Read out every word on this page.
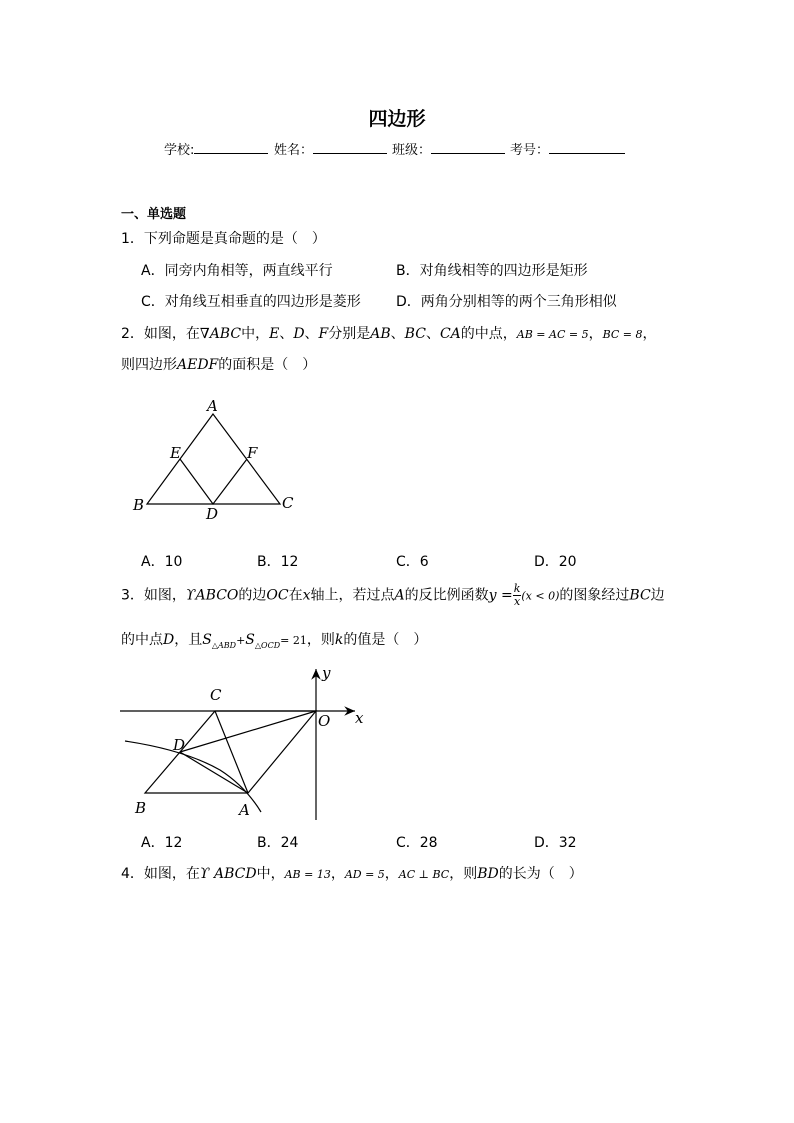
四边形
学校:	姓名：	班级：	考号：
一、单选题
1．下列命题是真命题的是（　）
A．同旁内角相等，两直线平行	B．对角线相等的四边形是矩形
C．对角线互相垂直的四边形是菱形	D．两角分别相等的两个三角形相似
2．如图，在∇ABC中，E、D、F分别是AB、BC、CA的中点，AB = AC = 5，BC = 8，
则四边形AEDF的面积是（　）
A
B	C
D
E	F
A．10	B．12	C．6	D．20
3．如图，ϒABCO的边OC在x轴上，若过点A的反比例函数$y = \frac{k}{x} (x < 0)$的图象经过BC边
的中点D，且$S_{\triangle ABD}+S_{\triangle OCD}= 21$，则k的值是（　）
C
y
O x
D
B	A
A．12	B．24	C．28	D．32
4．如图，在ϒ ABCD中，AB = 13，AD = 5，AC ⊥ BC，则BD的长为（　）
